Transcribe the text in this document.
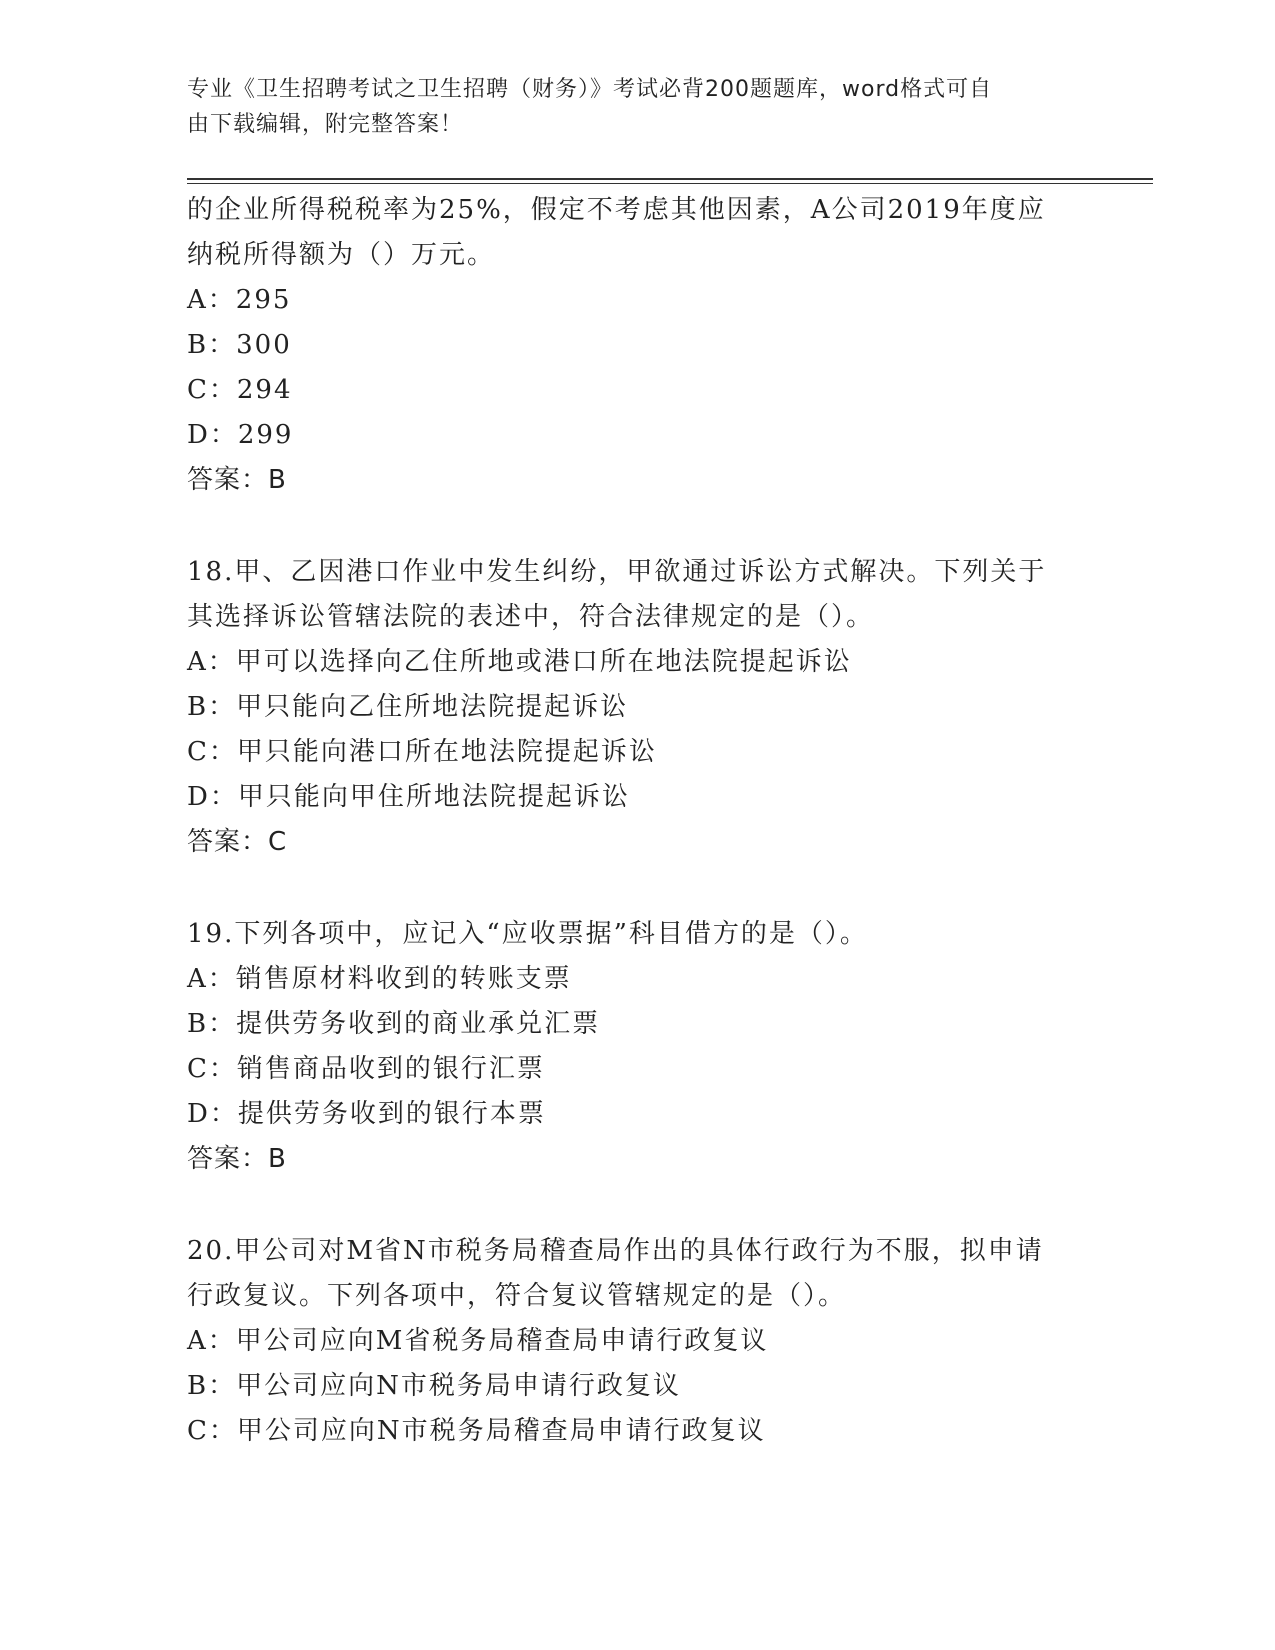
专业《卫生招聘考试之卫生招聘（财务）》考试必背200题题库，word格式可自

由下载编辑，附完整答案！

的企业所得税税率为25%，假定不考虑其他因素，A公司2019年度应

纳税所得额为（）万元。

A：295

B：300

C：294

D：299

答案：B

18.甲、乙因港口作业中发生纠纷，甲欲通过诉讼方式解决。下列关于

其选择诉讼管辖法院的表述中，符合法律规定的是（）。

A：甲可以选择向乙住所地或港口所在地法院提起诉讼

B：甲只能向乙住所地法院提起诉讼

C：甲只能向港口所在地法院提起诉讼

D：甲只能向甲住所地法院提起诉讼

答案：C

19.下列各项中，应记入“应收票据”科目借方的是（）。

A：销售原材料收到的转账支票

B：提供劳务收到的商业承兑汇票

C：销售商品收到的银行汇票

D：提供劳务收到的银行本票

答案：B

20.甲公司对M省N市税务局稽查局作出的具体行政行为不服，拟申请

行政复议。下列各项中，符合复议管辖规定的是（）。

A：甲公司应向M省税务局稽查局申请行政复议

B：甲公司应向N市税务局申请行政复议

C：甲公司应向N市税务局稽查局申请行政复议
